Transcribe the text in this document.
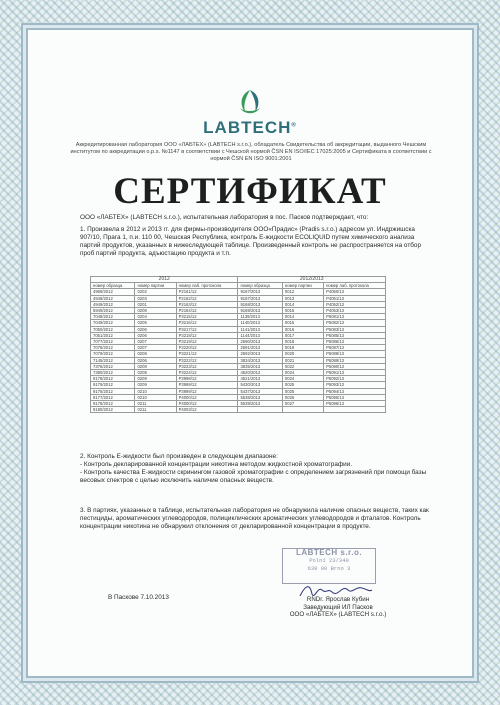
LABTECH®
Аккредитированная лаборатория ООО «ЛАБТЕХ» (LABTECH s.r.o.), обладатель Свидетельства об аккредитации, выданного Чешским институтом по аккредитации о.р.s. №1147 в соответствии с Чешской нормой ČSN EN ISO/IEC 17025:2005 и Сертификата в соответствии с нормой ČSN EN ISO 9001:2001
СЕРТИФИКАТ
ООО «ЛАБТЕХ» (LABTECH s.r.o.), испытательная лаборатория в пос. Пасков подтверждает, что:
1. Произвела в 2012 и 2013 гг. для фирмы-производителя ООО«Прадис» (Pradis s.r.o.) адресом ул. Индржишска 907/10, Прага 1, п.и. 110 00, Чешская Республика, контроль Е-жидкости ECOLIQUID путем химического анализа партий продуктов, указанных в нижеследующей таблице. Произведенный контроль не распространяется на отбор проб партий продукта, адъюстацию продукта и т.п.
2012			2012/2013		
номер образца	номер партии	номер лаб. протокола	номер образца	номер партии	номер лаб. протокола
4969/2012	0202	P2161/12	9167/2013	0012	P4050/13
4948/2012	0203	P2162/12	9167/2013	0013	P4051/13
4949/2012	0201	P2163/12	9168/2013	0014	P4052/13
5949/2012	0208	P2164/12	9169/2013	0015	P4053/13
7048/2012	0204	P3215/12	1139/2013	0014	P5081/13
7049/2012	0205	P3216/12	1140/2013	0015	P5082/13
7050/2012	0206	P3217/12	1141/2013	0016	P5083/13
7051/2012	0206	P3218/12	1144/2013	0017	P5085/13
7077/2012	0207	P3219/12	2590/2013	0018	P5086/13
7078/2012	0207	P3220/12	2591/2013	0019	P5087/13
7079/2012	0208	P3221/12	2592/2013	0020	P5088/13
7145/2012	0206	P3222/12	3834/2013	0021	P5089/13
7376/2012	0208	P3223/12	3835/2013	0022	P5090/13
7380/2012	0208	P3224/12	4520/2013	0024	P5091/13
9178/2012	0209	P3998/12	4521/2013	0024	P5092/13
9179/2012	0209	P3999/12	5430/2013	0025	P5093/13
9175/2012	0210	P3999/12	5437/2013	0025	P5094/13
9177/2012	0210	P4000/12	5538/2013	0026	P5095/13
9178/2012	0211	P4000/12	5539/2013	0027	P5096/13
9180/2012	0211	P4003/12			
2. Контроль Е-жидкости был произведен в следующем диапазоне:
- Контроль декларированной концентрации никотина методом жидкостной хроматографии.
- Контроль качества Е-жидкости скринингом газовой хроматографии с определением загрязнений при помощи базы весовых спектров с целью исключить наличие опасных веществ.
3. В партиях, указанных в таблице, испытательная лаборатория не обнаружила наличие опасных веществ, таких как пестициды, ароматических углеводородов, полициклических ароматических углеводородов и фталатов. Контроль концентрации никотина не обнаружил отклонения от декларированной концентрации в продукте.
LABTECH s.r.o.
Polní 23/340
639 00 Brno 3
В Паскове 7.10.2013	RNDr. Ярослав Кубин
Заведующий ИЛ Пасков
ООО «ЛАБТЕХ» (LABTECH s.r.o.)
